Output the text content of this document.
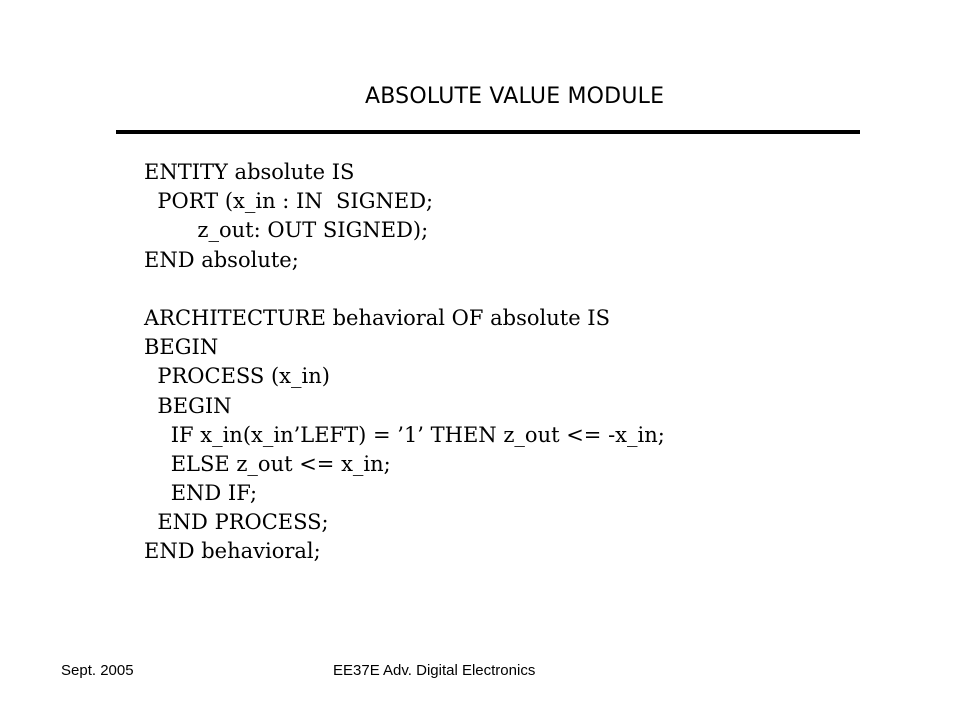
ABSOLUTE VALUE MODULE
ENTITY absolute IS
PORT (x_in : IN  SIGNED;
z_out: OUT SIGNED);
END absolute;
ARCHITECTURE behavioral OF absolute IS
BEGIN
PROCESS (x_in)
BEGIN
IF x_in(x_in’LEFT) = ’1’ THEN z_out <= -x_in;
ELSE z_out <= x_in;
END IF;
END PROCESS;
END behavioral;
Sept. 2005	EE37E Adv. Digital Electronics
